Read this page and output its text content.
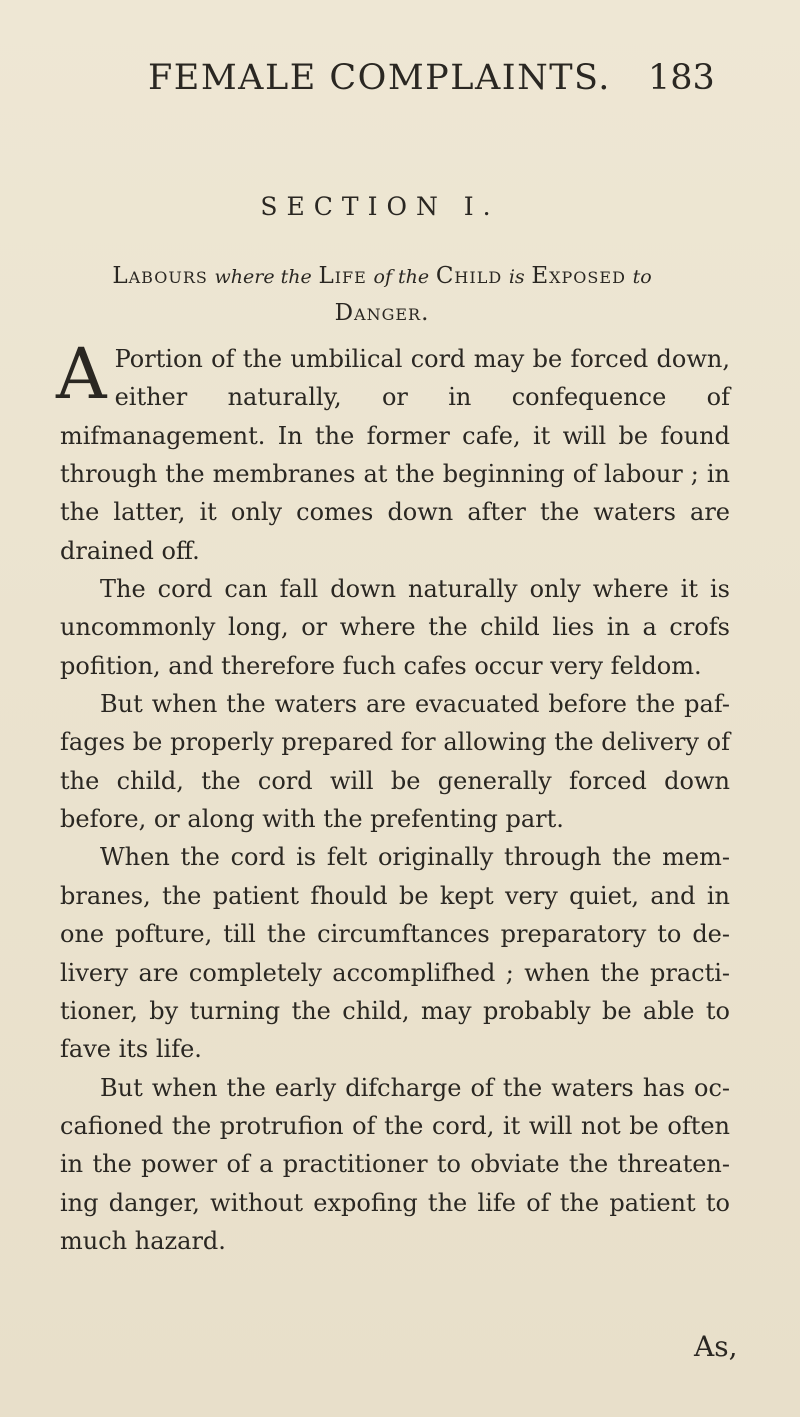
FEMALE COMPLAINTS. 183
SECTION I.
Labours where the Life of the Child is Exposed to
Danger.

A Portion of the umbilical cord may be forced down, either naturally, or in confequence of mifmanagement. In the former cafe, it will be found through the membranes at the beginning of labour ; in the latter, it only comes down after the waters are drained off.

The cord can fall down naturally only where it is uncommonly long, or where the child lies in a crofs pofition, and therefore fuch cafes occur very feldom.

But when the waters are evacuated before the paf- fages be properly prepared for allowing the delivery of the child, the cord will be generally forced down before, or along with the prefenting part.

When the cord is felt originally through the mem- branes, the patient fhould be kept very quiet, and in one pofture, till the circumftances preparatory to de- livery are completely accomplifhed ; when the practi- tioner, by turning the child, may probably be able to fave its life.

But when the early difcharge of the waters has oc- cafioned the protrufion of the cord, it will not be often in the power of a practitioner to obviate the threaten- ing danger, without expofing the life of the patient to much hazard.

As,
